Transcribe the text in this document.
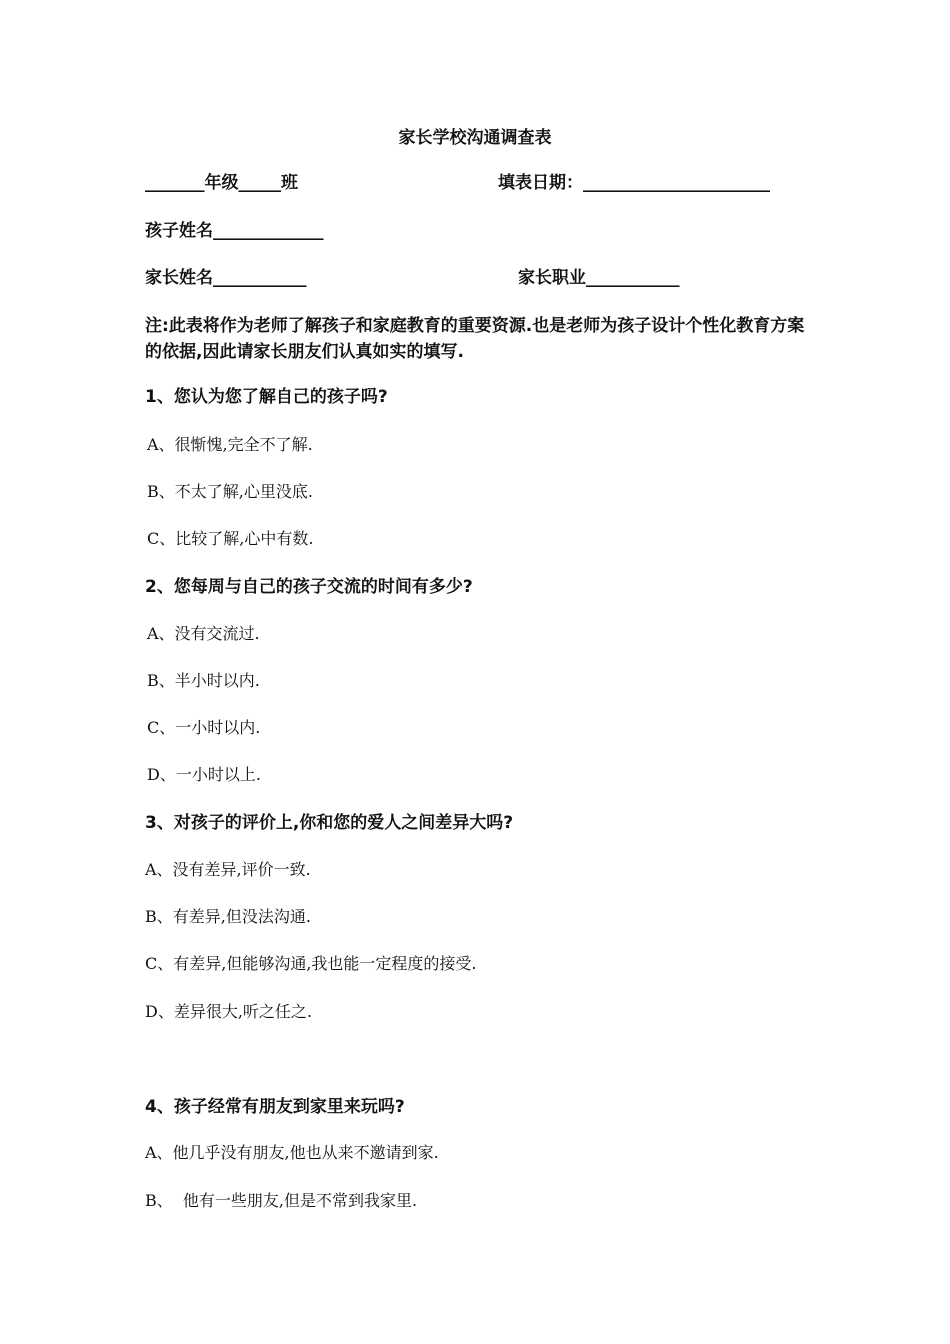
家长学校沟通调查表
_______年级_____班	填表日期：______________________
孩子姓名_____________
家长姓名___________	家长职业___________
注:此表将作为老师了解孩子和家庭教育的重要资源.也是老师为孩子设计个性化教育方案的依据,因此请家长朋友们认真如实的填写.
1、您认为您了解自己的孩子吗?
A、很惭愧,完全不了解.
B、不太了解,心里没底.
C、比较了解,心中有数.
2、您每周与自己的孩子交流的时间有多少?
A、没有交流过.
B、半小时以内.
C、一小时以内.
D、一小时以上.
3、对孩子的评价上,你和您的爱人之间差异大吗?
A、没有差异,评价一致.
B、有差异,但没法沟通.
C、有差异,但能够沟通,我也能一定程度的接受.
D、差异很大,听之任之.
4、孩子经常有朋友到家里来玩吗?
A、他几乎没有朋友,他也从来不邀请到家.
B、  他有一些朋友,但是不常到我家里.
